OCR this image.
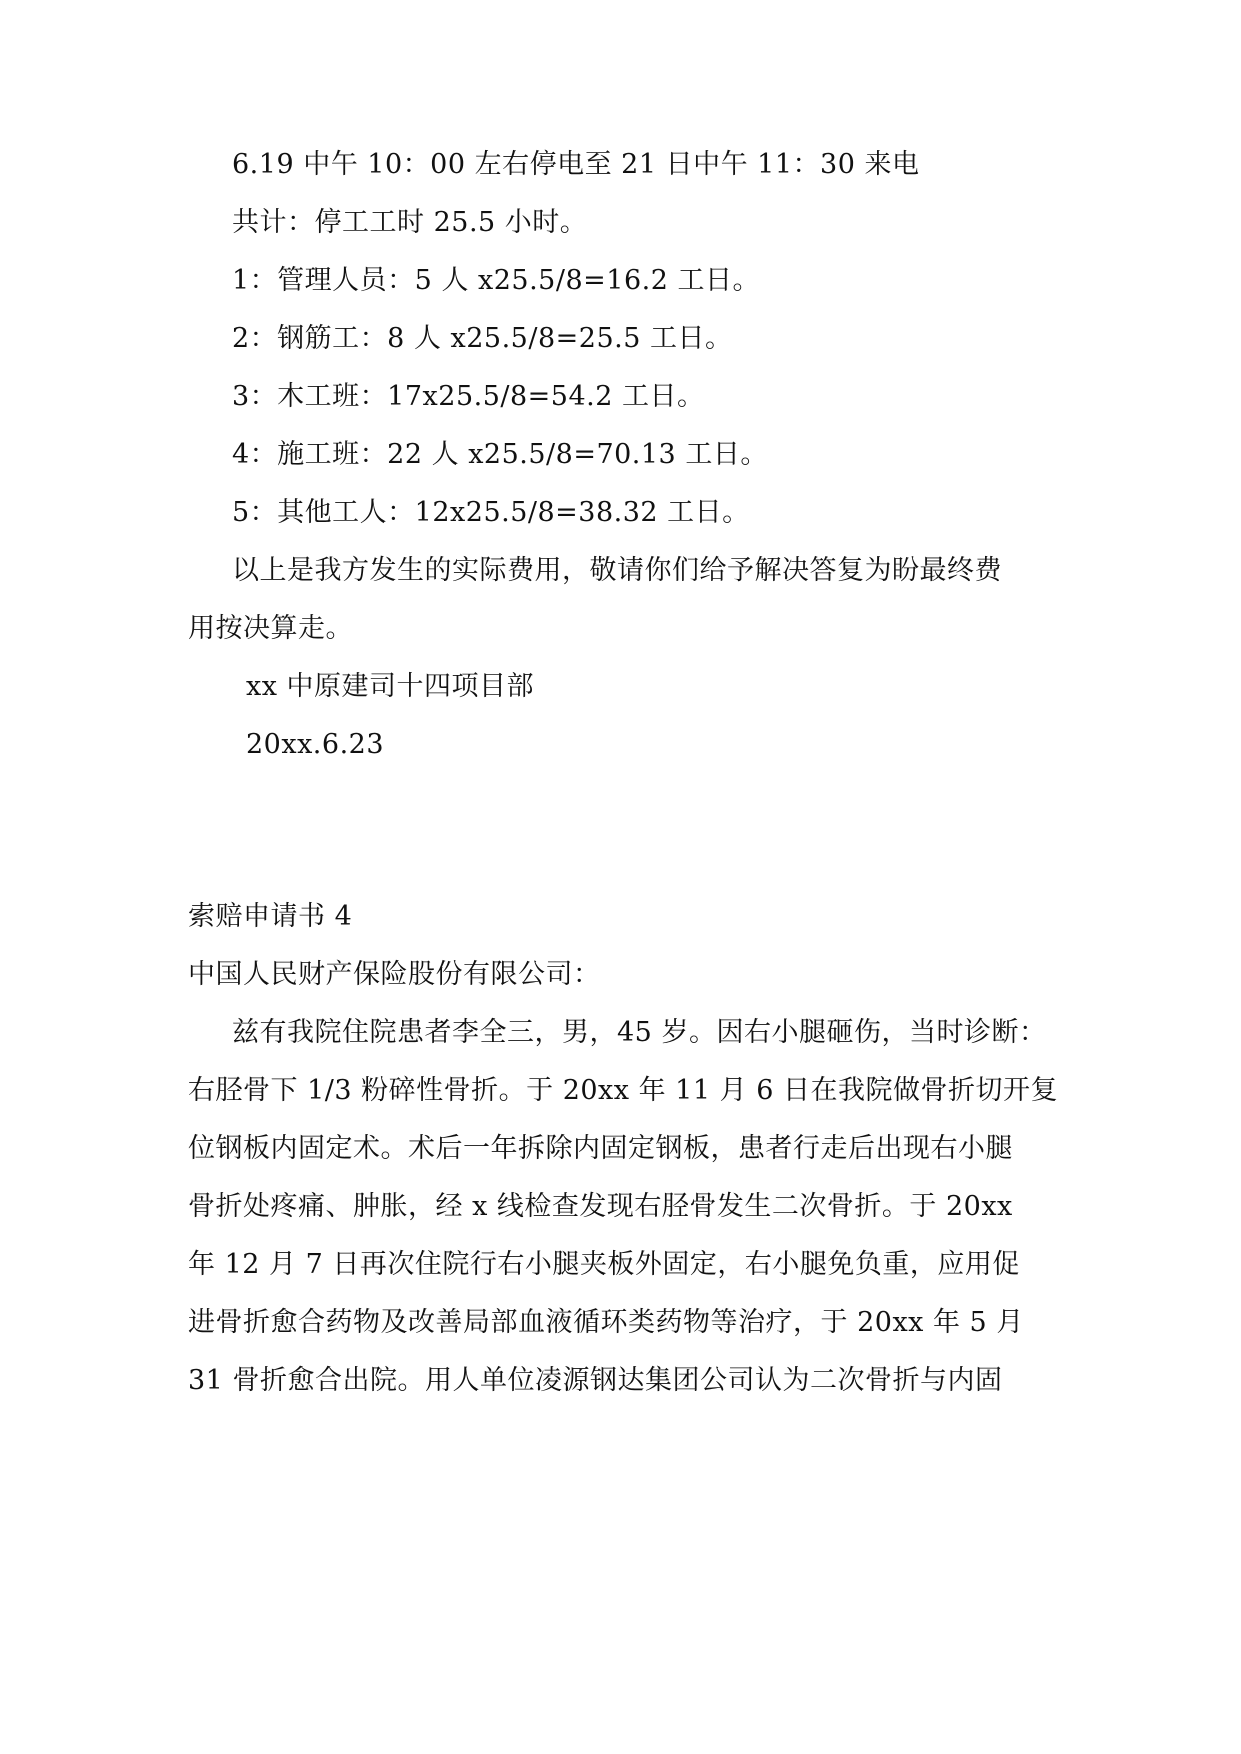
6.19 中午 10：00 左右停电至 21 日中午 11：30 来电
共计：停工工时 25.5 小时。
1：管理人员：5 人 x25.5/8=16.2 工日。
2：钢筋工：8 人 x25.5/8=25.5 工日。
3：木工班：17x25.5/8=54.2 工日。
4：施工班：22 人 x25.5/8=70.13 工日。
5：其他工人：12x25.5/8=38.32 工日。
以上是我方发生的实际费用，敬请你们给予解决答复为盼最终费
用按决算走。
xx 中原建司十四项目部
20xx.6.23
索赔申请书 4
中国人民财产保险股份有限公司：
兹有我院住院患者李全三，男，45 岁。因右小腿砸伤，当时诊断：
右胫骨下 1/3 粉碎性骨折。于 20xx 年 11 月 6 日在我院做骨折切开复
位钢板内固定术。术后一年拆除内固定钢板，患者行走后出现右小腿
骨折处疼痛、肿胀，经 x 线检查发现右胫骨发生二次骨折。于 20xx
年 12 月 7 日再次住院行右小腿夹板外固定，右小腿免负重，应用促
进骨折愈合药物及改善局部血液循环类药物等治疗，于 20xx 年 5 月
31 骨折愈合出院。用人单位凌源钢达集团公司认为二次骨折与内固
